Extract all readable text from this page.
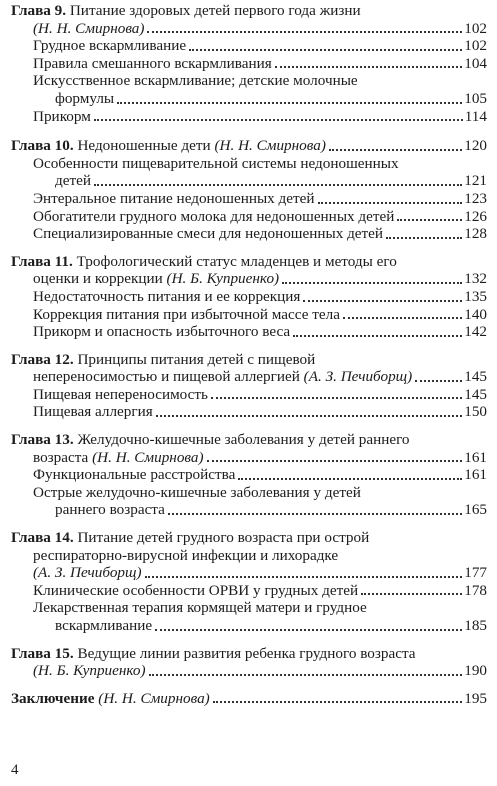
Глава 9. Питание здоровых детей первого года жизни
(Н. Н. Смирнова)	102
Грудное вскармливание	102
Правила смешанного вскармливания	104
Искусственное вскармливание; детские молочные
формулы	105
Прикорм	114
Глава 10. Недоношенные дети (Н. Н. Смирнова)	120
Особенности пищеварительной системы недоношенных
детей	121
Энтеральное питание недоношенных детей	123
Обогатители грудного молока для недоношенных детей	126
Специализированные смеси для недоношенных детей	128
Глава 11. Трофологический статус младенцев и методы его
оценки и коррекции (Н. Б. Куприенко)	132
Недостаточность питания и ее коррекция	135
Коррекция питания при избыточной массе тела	140
Прикорм и опасность избыточного веса	142
Глава 12. Принципы питания детей с пищевой
непереносимостью и пищевой аллергией (А. З. Печиборщ)	145
Пищевая непереносимость	145
Пищевая аллергия	150
Глава 13. Желудочно-кишечные заболевания у детей раннего
возраста (Н. Н. Смирнова)	161
Функциональные расстройства	161
Острые желудочно-кишечные заболевания у детей
раннего возраста	165
Глава 14. Питание детей грудного возраста при острой
респираторно-вирусной инфекции и лихорадке
(А. З. Печиборщ)	177
Клинические особенности ОРВИ у грудных детей	178
Лекарственная терапия кормящей матери и грудное
вскармливание	185
Глава 15. Ведущие линии развития ребенка грудного возраста
(Н. Б. Куприенко)	190
Заключение (Н. Н. Смирнова)	195
4
